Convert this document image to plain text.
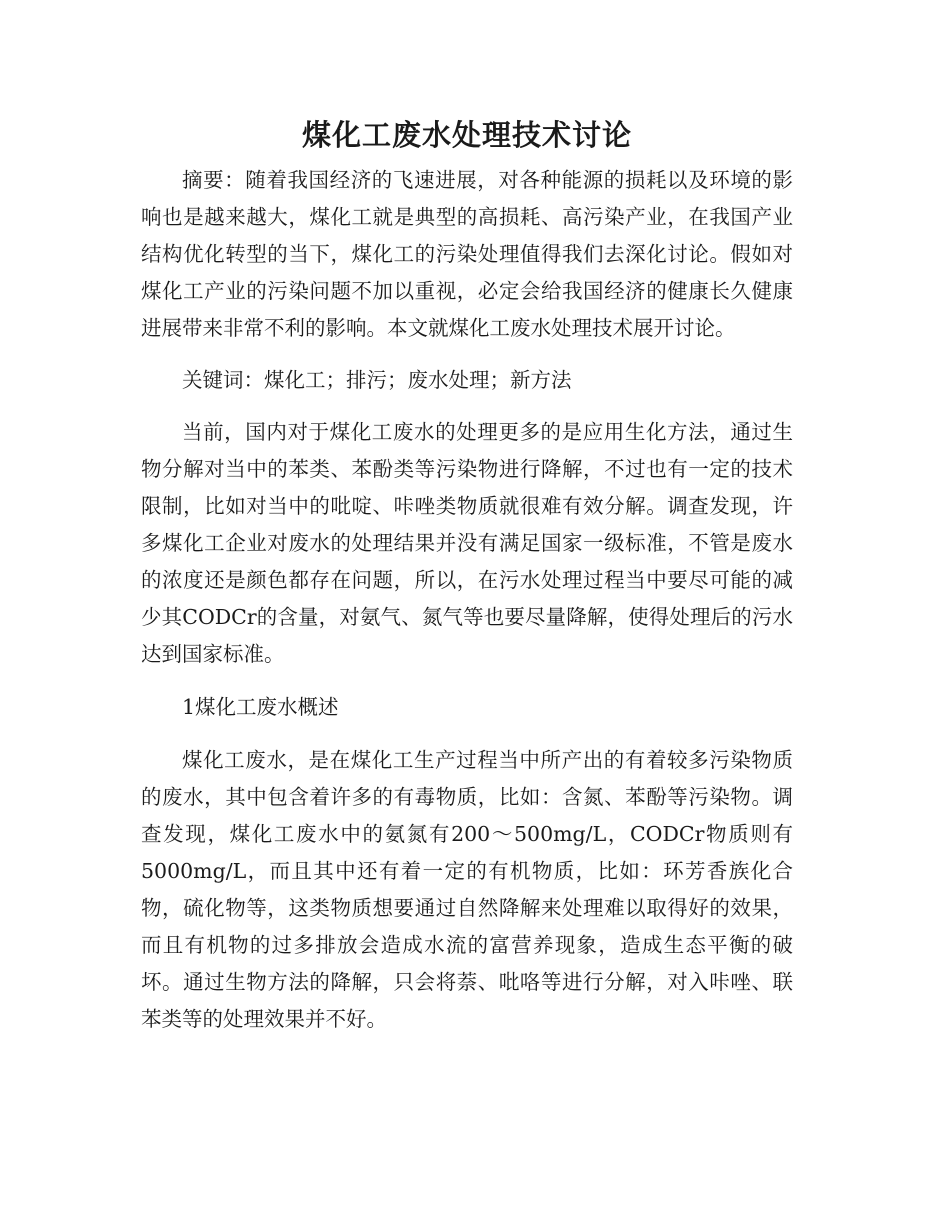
煤化工废水处理技术讨论

摘要：随着我国经济的飞速进展，对各种能源的损耗以及环境的影响也是越来越大，煤化工就是典型的高损耗、高污染产业，在我国产业结构优化转型的当下，煤化工的污染处理值得我们去深化讨论。假如对煤化工产业的污染问题不加以重视，必定会给我国经济的健康长久健康进展带来非常不利的影响。本文就煤化工废水处理技术展开讨论。

关键词：煤化工；排污；废水处理；新方法

当前，国内对于煤化工废水的处理更多的是应用生化方法，通过生物分解对当中的苯类、苯酚类等污染物进行降解，不过也有一定的技术限制，比如对当中的吡啶、咔唑类物质就很难有效分解。调查发现，许多煤化工企业对废水的处理结果并没有满足国家一级标准，不管是废水的浓度还是颜色都存在问题，所以，在污水处理过程当中要尽可能的减少其CODCr的含量，对氨气、氮气等也要尽量降解，使得处理后的污水达到国家标准。

1煤化工废水概述

煤化工废水，是在煤化工生产过程当中所产出的有着较多污染物质的废水，其中包含着许多的有毒物质，比如：含氮、苯酚等污染物。调查发现，煤化工废水中的氨氮有200～500mg/L，CODCr物质则有5000mg/L，而且其中还有着一定的有机物质，比如：环芳香族化合物，硫化物等，这类物质想要通过自然降解来处理难以取得好的效果，而且有机物的过多排放会造成水流的富营养现象，造成生态平衡的破坏。通过生物方法的降解，只会将萘、吡咯等进行分解，对入咔唑、联苯类等的处理效果并不好。
